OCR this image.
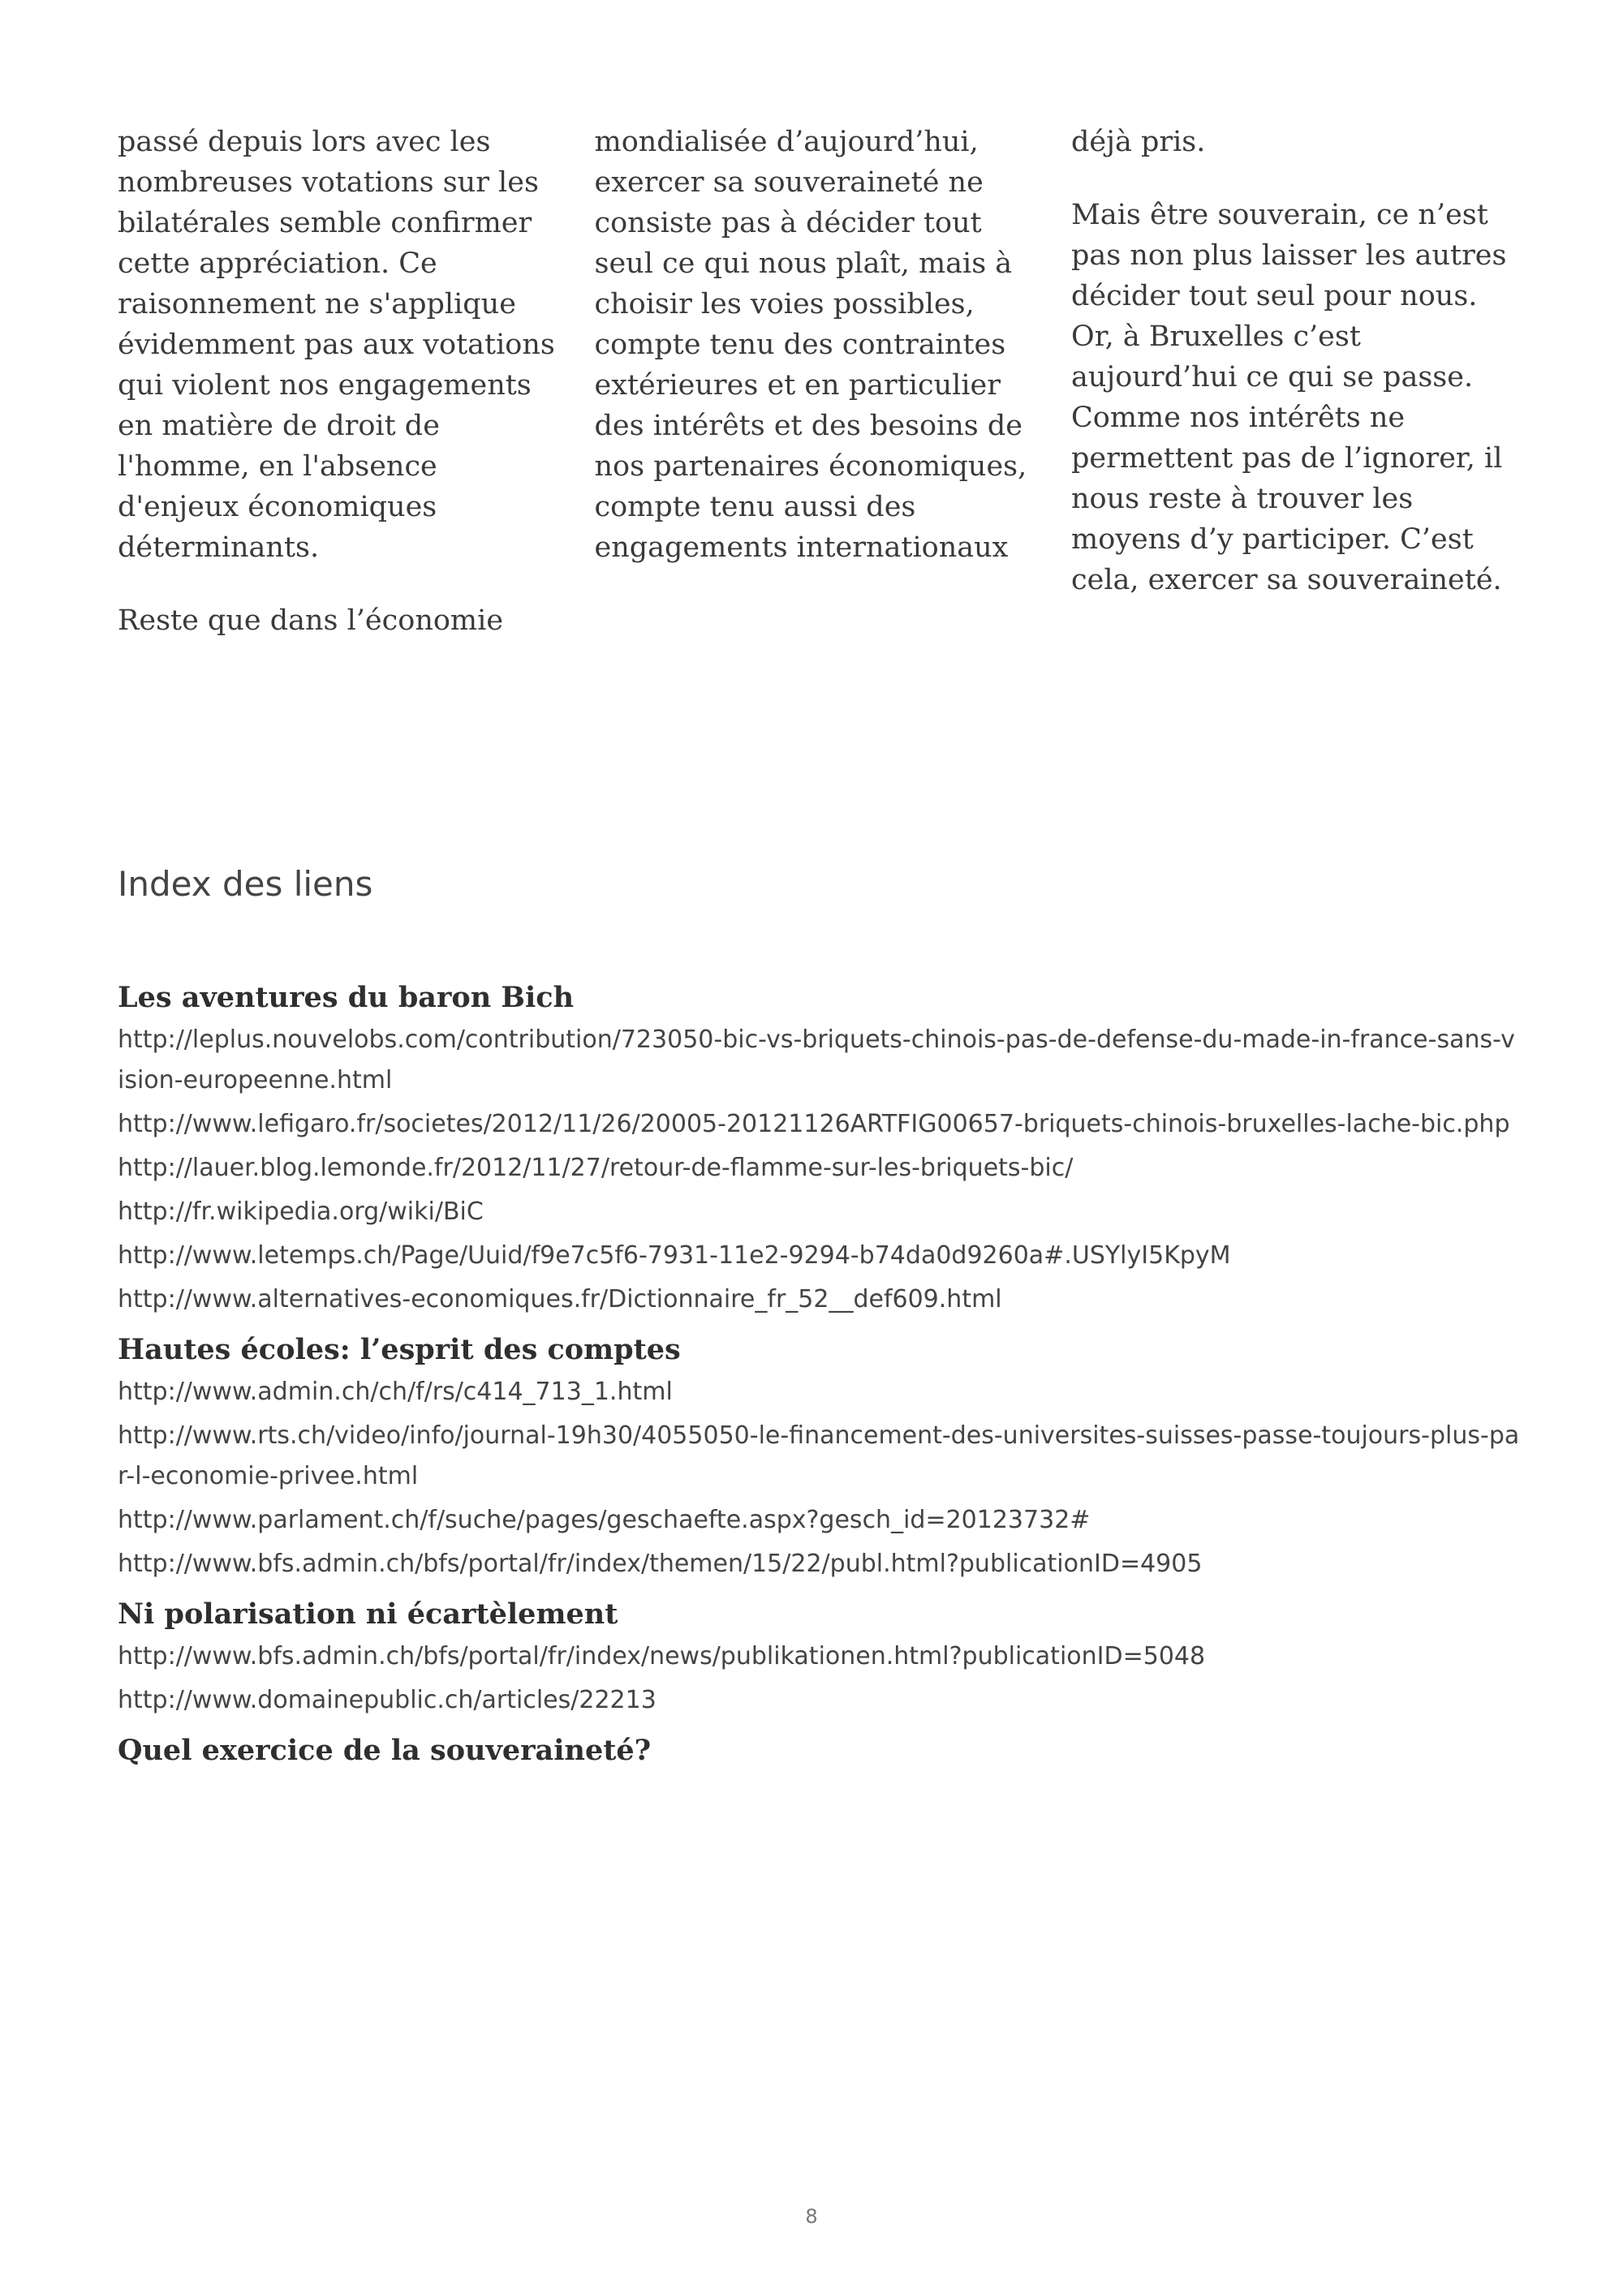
passé depuis lors avec les nombreuses votations sur les bilatérales semble confirmer cette appréciation. Ce raisonnement ne s'applique évidemment pas aux votations qui violent nos engagements en matière de droit de l'homme, en l'absence d'enjeux économiques déterminants.

Reste que dans l’économie

mondialisée d’aujourd’hui, exercer sa souveraineté ne consiste pas à décider tout seul ce qui nous plaît, mais à choisir les voies possibles, compte tenu des contraintes extérieures et en particulier des intérêts et des besoins de nos partenaires économiques, compte tenu aussi des engagements internationaux

déjà pris.

Mais être souverain, ce n’est pas non plus laisser les autres décider tout seul pour nous. Or, à Bruxelles c’est aujourd’hui ce qui se passe. Comme nos intérêts ne permettent pas de l’ignorer, il nous reste à trouver les moyens d’y participer. C’est cela, exercer sa souveraineté.

Index des liens
Les aventures du baron Bich
http://leplus.nouvelobs.com/contribution/723050-bic-vs-briquets-chinois-pas-de-defense-du-made-in-france-sans-vision-europeenne.html
http://www.lefigaro.fr/societes/2012/11/26/20005-20121126ARTFIG00657-briquets-chinois-bruxelles-lache-bic.php
http://lauer.blog.lemonde.fr/2012/11/27/retour-de-flamme-sur-les-briquets-bic/
http://fr.wikipedia.org/wiki/BiC
http://www.letemps.ch/Page/Uuid/f9e7c5f6-7931-11e2-9294-b74da0d9260a#.USYlyI5KpyM
http://www.alternatives-economiques.fr/Dictionnaire_fr_52__def609.html
Hautes écoles: l’esprit des comptes
http://www.admin.ch/ch/f/rs/c414_713_1.html
http://www.rts.ch/video/info/journal-19h30/4055050-le-financement-des-universites-suisses-passe-toujours-plus-par-l-economie-privee.html
http://www.parlament.ch/f/suche/pages/geschaefte.aspx?gesch_id=20123732#
http://www.bfs.admin.ch/bfs/portal/fr/index/themen/15/22/publ.html?publicationID=4905
Ni polarisation ni écartèlement
http://www.bfs.admin.ch/bfs/portal/fr/index/news/publikationen.html?publicationID=5048
http://www.domainepublic.ch/articles/22213
Quel exercice de la souveraineté?
8
